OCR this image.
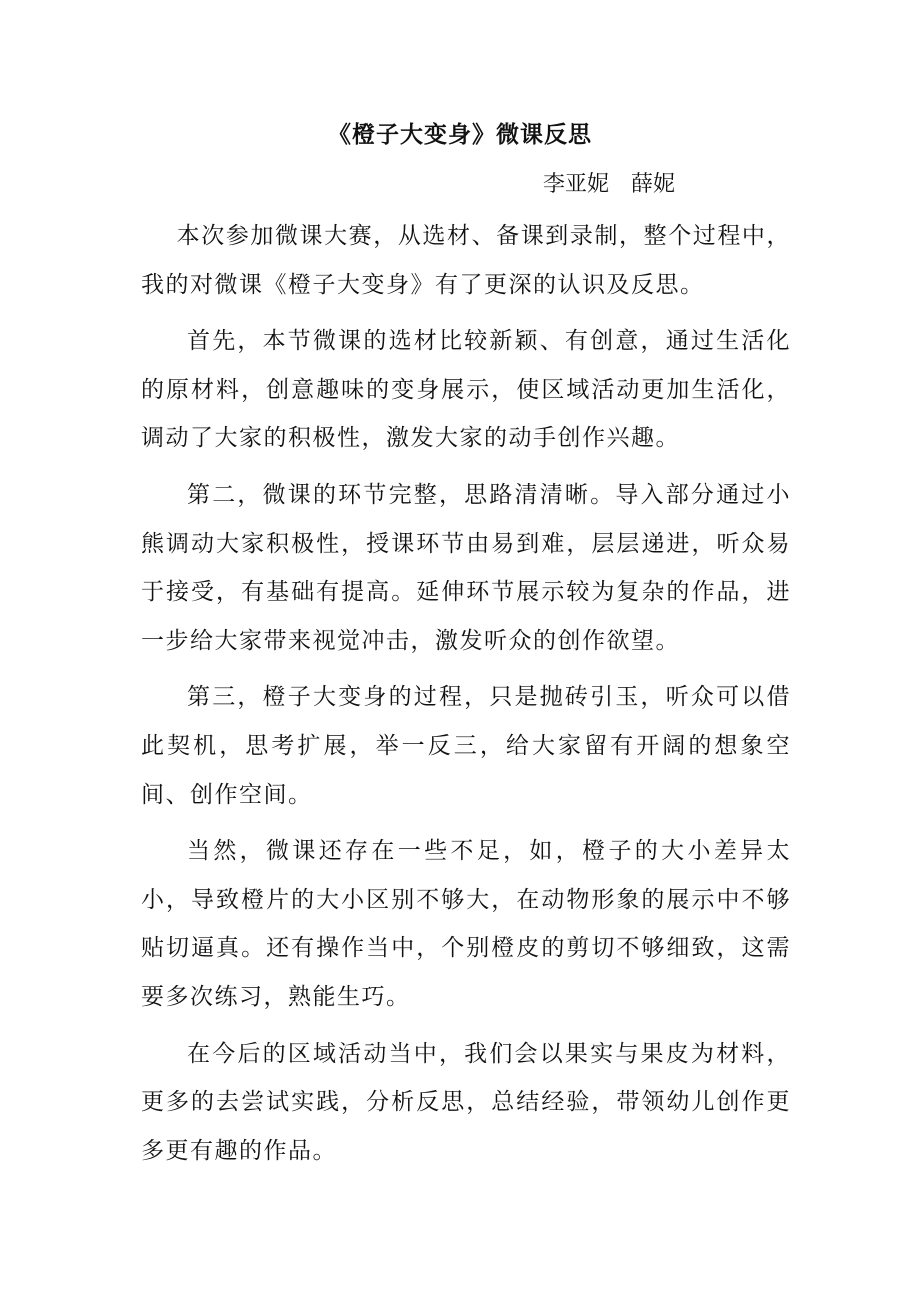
《橙子大变身》微课反思
李亚妮　薛妮

本次参加微课大赛，从选材、备课到录制，整个过程中，我的对微课《橙子大变身》有了更深的认识及反思。

首先，本节微课的选材比较新颖、有创意，通过生活化的原材料，创意趣味的变身展示，使区域活动更加生活化，调动了大家的积极性，激发大家的动手创作兴趣。

第二，微课的环节完整，思路清清晰。导入部分通过小熊调动大家积极性，授课环节由易到难，层层递进，听众易于接受，有基础有提高。延伸环节展示较为复杂的作品，进一步给大家带来视觉冲击，激发听众的创作欲望。

第三，橙子大变身的过程，只是抛砖引玉，听众可以借此契机，思考扩展，举一反三，给大家留有开阔的想象空间、创作空间。

当然，微课还存在一些不足，如，橙子的大小差异太小，导致橙片的大小区别不够大，在动物形象的展示中不够贴切逼真。还有操作当中，个别橙皮的剪切不够细致，这需要多次练习，熟能生巧。

在今后的区域活动当中，我们会以果实与果皮为材料，更多的去尝试实践，分析反思，总结经验，带领幼儿创作更多更有趣的作品。
